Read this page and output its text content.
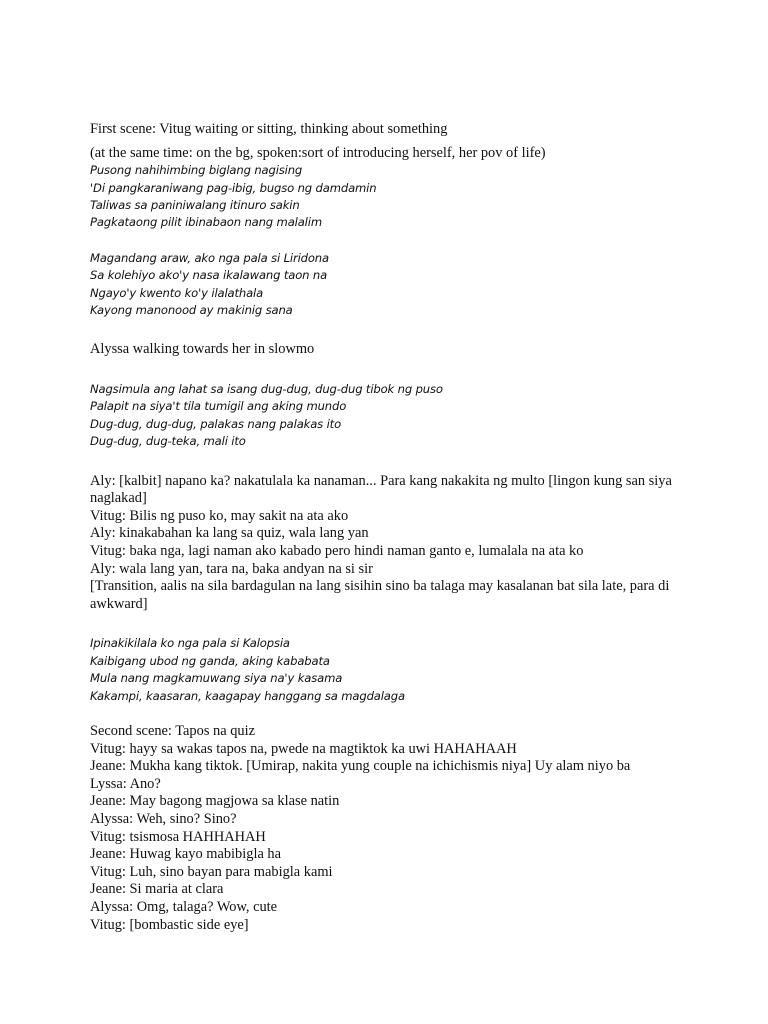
First scene: Vitug waiting or sitting, thinking about something

(at the same time: on the bg, spoken:sort of introducing herself, her pov of life)

Pusong nahihimbing biglang nagising

'Di pangkaraniwang pag-ibig, bugso ng damdamin

Taliwas sa paniniwalang itinuro sakin

Pagkataong pilit ibinabaon nang malalim

Magandang araw, ako nga pala si Liridona

Sa kolehiyo ako'y nasa ikalawang taon na

Ngayo'y kwento ko'y ilalathala

Kayong manonood ay makinig sana

Alyssa walking towards her in slowmo

Nagsimula ang lahat sa isang dug-dug, dug-dug tibok ng puso

Palapit na siya't tila tumigil ang aking mundo

Dug-dug, dug-dug, palakas nang palakas ito

Dug-dug, dug-teka, mali ito

Aly: [kalbit] napano ka? nakatulala ka nanaman... Para kang nakakita ng multo [lingon kung san siya naglakad]

Vitug: Bilis ng puso ko, may sakit na ata ako

Aly: kinakabahan ka lang sa quiz, wala lang yan

Vitug: baka nga, lagi naman ako kabado pero hindi naman ganto e, lumalala na ata ko

Aly: wala lang yan, tara na, baka andyan na si sir

[Transition, aalis na sila bardagulan na lang sisihin sino ba talaga may kasalanan bat sila late, para di awkward]

Ipinakikilala ko nga pala si Kalopsia

Kaibigang ubod ng ganda, aking kababata

Mula nang magkamuwang siya na'y kasama

Kakampi, kaasaran, kaagapay hanggang sa magdalaga

Second scene: Tapos na quiz

Vitug: hayy sa wakas tapos na, pwede na magtiktok ka uwi HAHAHAAH

Jeane: Mukha kang tiktok. [Umirap, nakita yung couple na ichichismis niya] Uy alam niyo ba

Lyssa: Ano?

Jeane: May bagong magjowa sa klase natin

Alyssa: Weh, sino? Sino?

Vitug: tsismosa HAHHAHAH

Jeane: Huwag kayo mabibigla ha

Vitug: Luh, sino bayan para mabigla kami

Jeane: Si maria at clara

Alyssa: Omg, talaga? Wow, cute

Vitug: [bombastic side eye]
